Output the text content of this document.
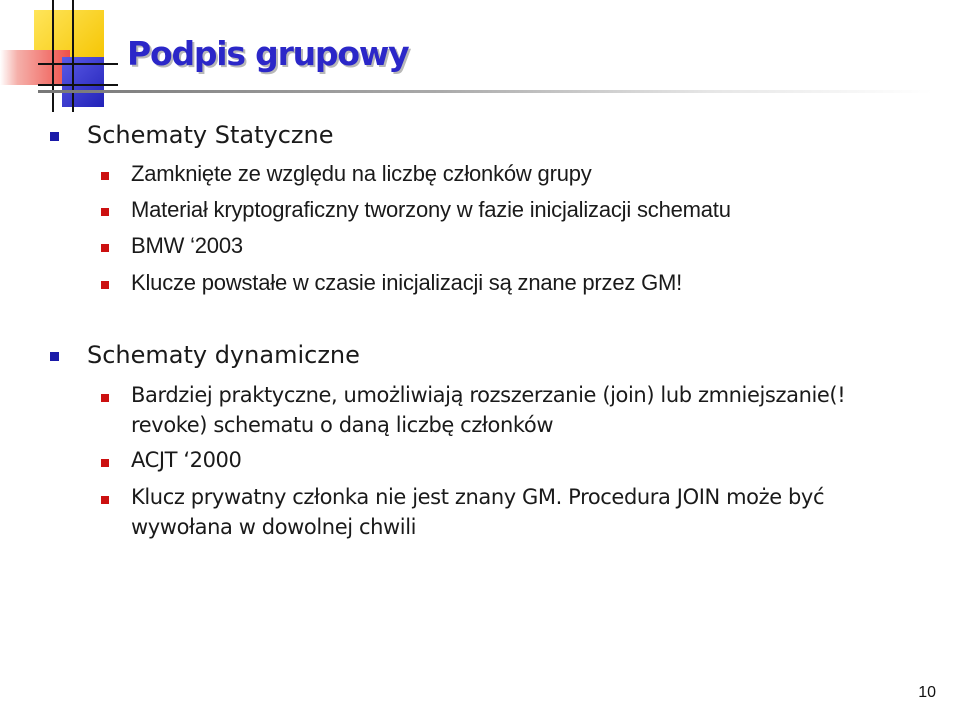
Podpis grupowy
Schematy Statyczne
Zamknięte ze względu na liczbę członków grupy
Materiał kryptograficzny tworzony w fazie inicjalizacji schematu
BMW ‘2003
Klucze powstałe w czasie inicjalizacji są znane przez GM!
Schematy dynamiczne
Bardziej praktyczne, umożliwiają rozszerzanie (join) lub zmniejszanie(!
revoke) schematu o daną liczbę członków
ACJT ‘2000
Klucz prywatny członka nie jest znany GM. Procedura JOIN może być
wywołana w dowolnej chwili
10
